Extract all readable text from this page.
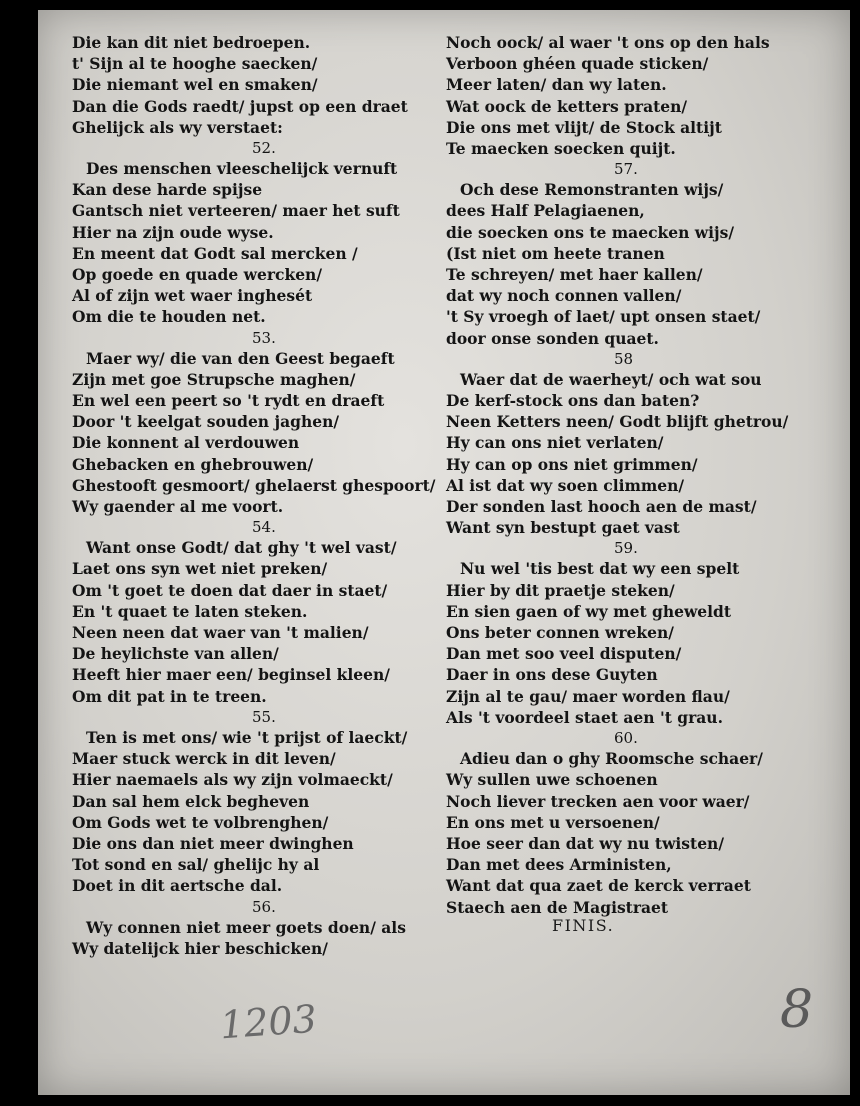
Die kan dit niet bedroepen.
t' Sijn al te hooghe saecken/
Die niemant wel en smaken/
Dan die Gods raedt/ jupst op een draet
Ghelijck als wy verstaet:
52.
Des menschen vleeschelijck vernuft
Kan dese harde spijse
Gantsch niet verteeren/ maer het suft
Hier na zijn oude wyse.
En meent dat Godt sal mercken /
Op goede en quade wercken/
Al of zijn wet waer inghesét
Om die te houden net.
53.
Maer wy/ die van den Geest begaeft
Zijn met goe Strupsche maghen/
En wel een peert so 't rydt en draeft
Door 't keelgat souden jaghen/
Die konnent al verdouwen
Ghebacken en ghebrouwen/
Ghestooft gesmoort/ ghelaerst ghespoort/
Wy gaender al me voort.
54.
Want onse Godt/ dat ghy 't wel vast/
Laet ons syn wet niet preken/
Om 't goet te doen dat daer in staet/
En 't quaet te laten steken.
Neen neen dat waer van 't malien/
De heylichste van allen/
Heeft hier maer een/ beginsel kleen/
Om dit pat in te treen.
55.
Ten is met ons/ wie 't prijst of laeckt/
Maer stuck werck in dit leven/
Hier naemaels als wy zijn volmaeckt/
Dan sal hem elck begheven
Om Gods wet te volbrenghen/
Die ons dan niet meer dwinghen
Tot sond en sal/ ghelijc hy al
Doet in dit aertsche dal.
56.
Wy connen niet meer goets doen/ als
Wy datelijck hier beschicken/
Noch oock/ al waer 't ons op den hals
Verboon ghéen quade sticken/
Meer laten/ dan wy laten.
Wat oock de ketters praten/
Die ons met vlijt/ de Stock altijt
Te maecken soecken quijt.
57.
Och dese Remonstranten wijs/
dees Half Pelagiaenen,
die soecken ons te maecken wijs/
(Ist niet om heete tranen
Te schreyen/ met haer kallen/
dat wy noch connen vallen/
't Sy vroegh of laet/ upt onsen staet/
door onse sonden quaet.
58
Waer dat de waerheyt/ och wat sou
De kerf-stock ons dan baten?
Neen Ketters neen/ Godt blijft ghetrou/
Hy can ons niet verlaten/
Hy can op ons niet grimmen/
Al ist dat wy soen climmen/
Der sonden last hooch aen de mast/
Want syn bestupt gaet vast
59.
Nu wel 'tis best dat wy een spelt
Hier by dit praetje steken/
En sien gaen of wy met gheweldt
Ons beter connen wreken/
Dan met soo veel disputen/
Daer in ons dese Guyten
Zijn al te gau/ maer worden flau/
Als 't voordeel staet aen 't grau.
60.
Adieu dan o ghy Roomsche schaer/
Wy sullen uwe schoenen
Noch liever trecken aen voor waer/
En ons met u versoenen/
Hoe seer dan dat wy nu twisten/
Dan met dees Arministen,
Want dat qua zaet de kerck verraet
Staech aen de Magistraet
FINIS.
1203	8
